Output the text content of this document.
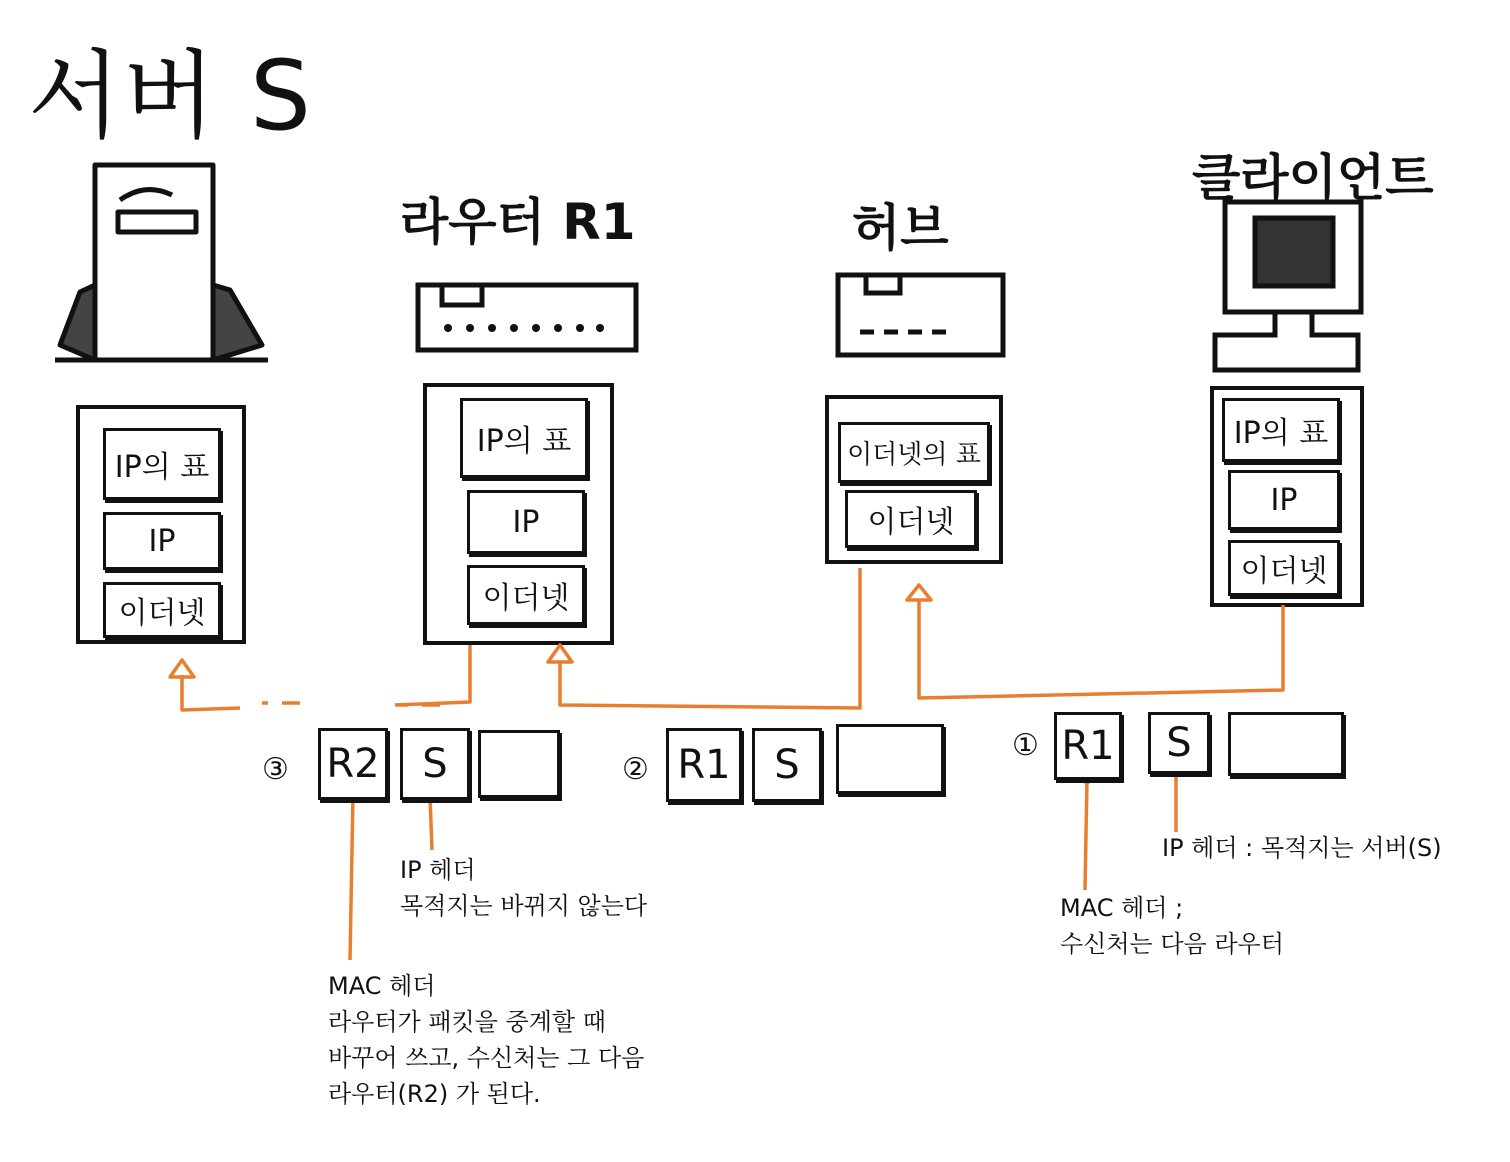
서버 S
라우터 R1	허브
클라이언트
IP의 표
IP
이더넷
IP의 표
IP
이더넷
이더넷의 표
이더넷
IP의 표
IP
이더넷
③ R2	S	② R1	S	① R1	S
IP 헤더
목적지는 바뀌지 않는다
MAC 헤더
라우터가 패킷을 중계할 때
바꾸어 쓰고, 수신처는 그 다음
라우터(R2) 가 된다.
IP 헤더 : 목적지는 서버(S)
MAC 헤더 ;
수신처는 다음 라우터
